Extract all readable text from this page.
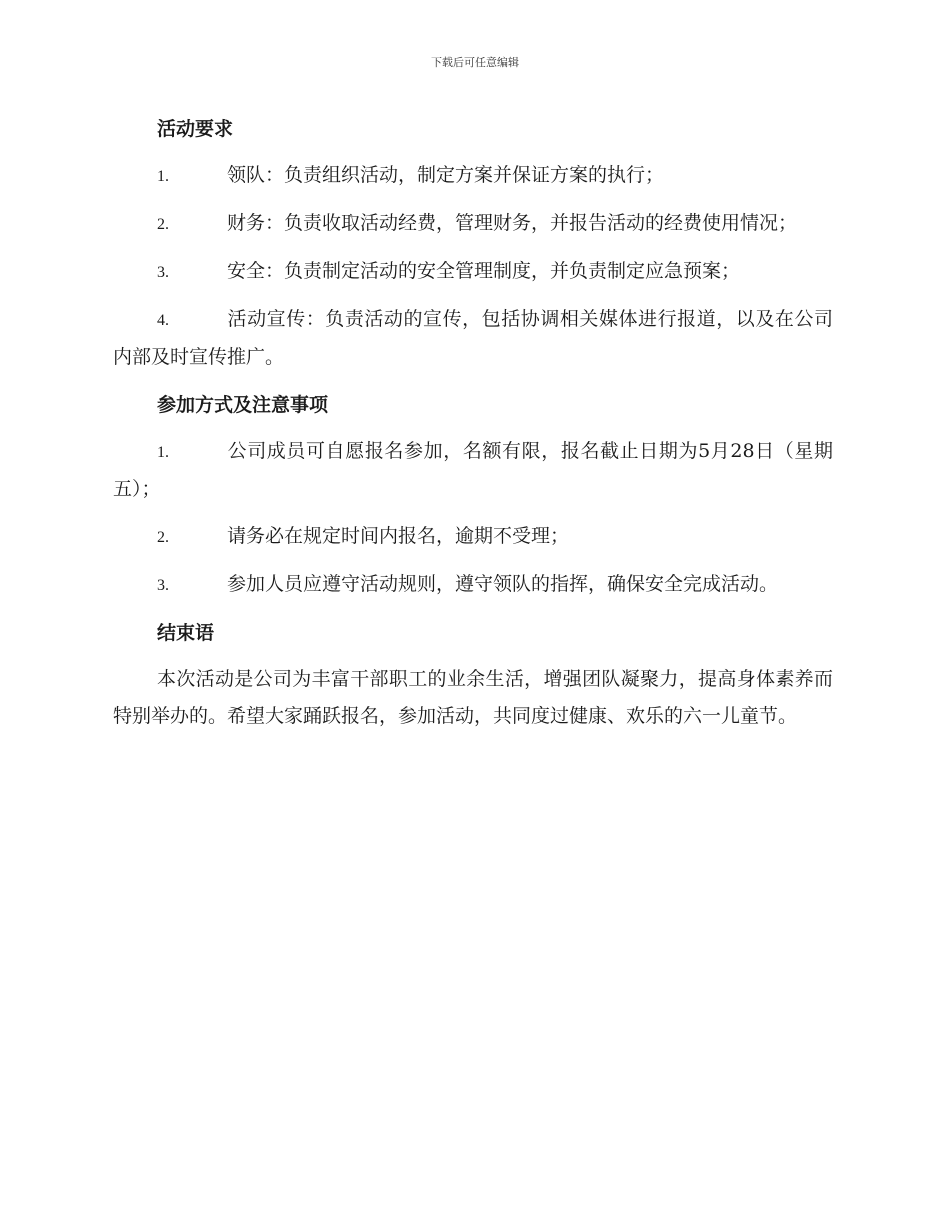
下载后可任意编辑
活动要求
1.	领队：负责组织活动，制定方案并保证方案的执行；
2.	财务：负责收取活动经费，管理财务，并报告活动的经费使用情况；
3.	安全：负责制定活动的安全管理制度，并负责制定应急预案；
4.	活动宣传：负责活动的宣传，包括协调相关媒体进行报道，以及在公司内部及时宣传推广。
参加方式及注意事项
1.	公司成员可自愿报名参加，名额有限，报名截止日期为5月28日（星期五）；
2.	请务必在规定时间内报名，逾期不受理；
3.	参加人员应遵守活动规则，遵守领队的指挥，确保安全完成活动。
结束语
本次活动是公司为丰富干部职工的业余生活，增强团队凝聚力，提高身体素养而特别举办的。希望大家踊跃报名，参加活动，共同度过健康、欢乐的六一儿童节。
